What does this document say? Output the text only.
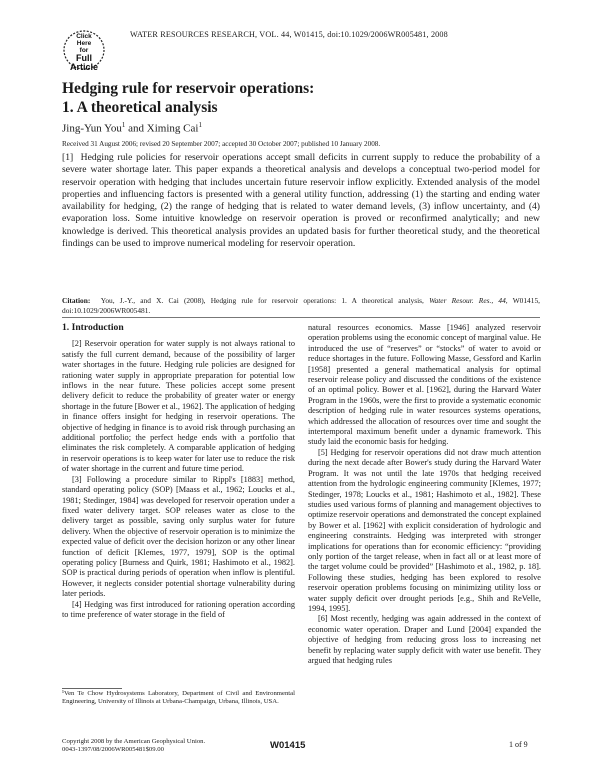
Click
Here
for
Full
Article
WATER RESOURCES RESEARCH, VOL. 44, W01415, doi:10.1029/2006WR005481, 2008
Hedging rule for reservoir operations:
1. A theoretical analysis
Jing-Yun You$^1$ and Ximing Cai$^1$
Received 31 August 2006; revised 20 September 2007; accepted 30 October 2007; published 10 January 2008.
[1] Hedging rule policies for reservoir operations accept small deficits in current supply to reduce the probability of a severe water shortage later. This paper expands a theoretical analysis and develops a conceptual two-period model for reservoir operation with hedging that includes uncertain future reservoir inflow explicitly. Extended analysis of the model properties and influencing factors is presented with a general utility function, addressing (1) the starting and ending water availability for hedging, (2) the range of hedging that is related to water demand levels, (3) inflow uncertainty, and (4) evaporation loss. Some intuitive knowledge on reservoir operation is proved or reconfirmed analytically; and new knowledge is derived. This theoretical analysis provides an updated basis for further theoretical study, and the theoretical findings can be used to improve numerical modeling for reservoir operation.
Citation: You, J.-Y., and X. Cai (2008), Hedging rule for reservoir operations: 1. A theoretical analysis, Water Resour. Res., 44, W01415, doi:10.1029/2006WR005481.
1. Introduction

[2] Reservoir operation for water supply is not always rational to satisfy the full current demand, because of the possibility of larger water shortages in the future. Hedging rule policies are designed for rationing water supply in appropriate preparation for potential low inflows in the near future. These policies accept some present delivery deficit to reduce the probability of greater water or energy shortage in the future [Bower et al., 1962]. The application of hedging in finance offers insight for hedging in reservoir operations. The objective of hedging in finance is to avoid risk through purchasing an additional portfolio; the perfect hedge ends with a portfolio that eliminates the risk completely. A comparable application of hedging in reservoir operations is to keep water for later use to reduce the risk of water shortage in the current and future time period.

[3] Following a procedure similar to Rippl's [1883] method, standard operating policy (SOP) [Maass et al., 1962; Loucks et al., 1981; Stedinger, 1984] was developed for reservoir operation under a fixed water delivery target. SOP releases water as close to the delivery target as possible, saving only surplus water for future delivery. When the objective of reservoir operation is to minimize the expected value of deficit over the decision horizon or any other linear function of deficit [Klemes, 1977, 1979], SOP is the optimal operating policy [Burness and Quirk, 1981; Hashimoto et al., 1982]. SOP is practical during periods of operation when inflow is plentiful. However, it neglects consider potential shortage vulnerability during later periods.

[4] Hedging was first introduced for rationing operation according to time preference of water storage in the field of

natural resources economics. Masse [1946] analyzed reservoir operation problems using the economic concept of marginal value. He introduced the use of “reserves” or “stocks” of water to avoid or reduce shortages in the future. Following Masse, Gessford and Karlin [1958] presented a general mathematical analysis for optimal reservoir release policy and discussed the conditions of the existence of an optimal policy. Bower et al. [1962], during the Harvard Water Program in the 1960s, were the first to provide a systematic economic description of hedging rule in water resources systems operations, which addressed the allocation of resources over time and sought the intertemporal maximum benefit under a dynamic framework. This study laid the economic basis for hedging.

[5] Hedging for reservoir operations did not draw much attention during the next decade after Bower's study during the Harvard Water Program. It was not until the late 1970s that hedging received attention from the hydrologic engineering community [Klemes, 1977; Stedinger, 1978; Loucks et al., 1981; Hashimoto et al., 1982]. These studies used various forms of planning and management objectives to optimize reservoir operations and demonstrated the concept explained by Bower et al. [1962] with explicit consideration of hydrologic and engineering constraints. Hedging was interpreted with stronger implications for operations than for economic efficiency: “providing only portion of the target release, when in fact all or at least more of the target volume could be provided” [Hashimoto et al., 1982, p. 18]. Following these studies, hedging has been explored to resolve reservoir operation problems focusing on minimizing utility loss or water supply deficit over drought periods [e.g., Shih and ReVelle, 1994, 1995].

[6] Most recently, hedging was again addressed in the context of economic water operation. Draper and Lund [2004] expanded the objective of hedging from reducing gross loss to increasing net benefit by replacing water supply deficit with water use benefit. They argued that hedging rules

¹Ven Te Chow Hydrosystems Laboratory, Department of Civil and Environmental Engineering, University of Illinois at Urbana-Champaign, Urbana, Illinois, USA.
Copyright 2008 by the American Geophysical Union.
0043-1397/08/2006WR005481$09.00	W01415	1 of 9
